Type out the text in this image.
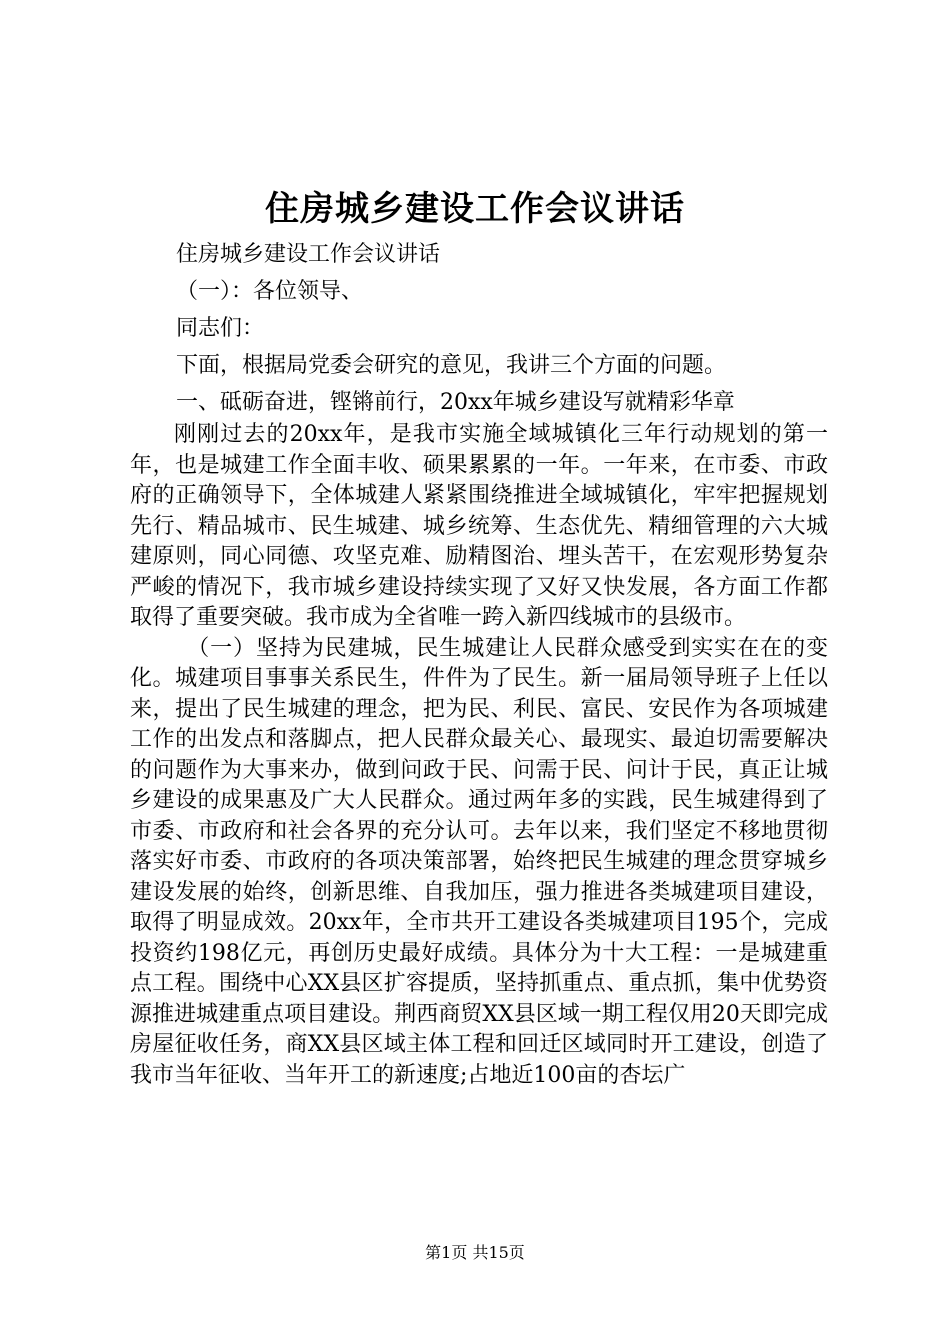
住房城乡建设工作会议讲话
住房城乡建设工作会议讲话
（一）：各位领导、
同志们：
下面，根据局党委会研究的意见，我讲三个方面的问题。
一、砥砺奋进，铿锵前行，20xx年城乡建设写就精彩华章

刚刚过去的20xx年，是我市实施全域城镇化三年行动规划的第一年，也是城建工作全面丰收、硕果累累的一年。一年来，在市委、市政府的正确领导下，全体城建人紧紧围绕推进全域城镇化，牢牢把握规划先行、精品城市、民生城建、城乡统筹、生态优先、精细管理的六大城建原则，同心同德、攻坚克难、励精图治、埋头苦干，在宏观形势复杂严峻的情况下，我市城乡建设持续实现了又好又快发展，各方面工作都取得了重要突破。我市成为全省唯一跨入新四线城市的县级市。

（一）坚持为民建城，民生城建让人民群众感受到实实在在的变化。城建项目事事关系民生，件件为了民生。新一届局领导班子上任以来，提出了民生城建的理念，把为民、利民、富民、安民作为各项城建工作的出发点和落脚点，把人民群众最关心、最现实、最迫切需要解决的问题作为大事来办，做到问政于民、问需于民、问计于民，真正让城乡建设的成果惠及广大人民群众。通过两年多的实践，民生城建得到了市委、市政府和社会各界的充分认可。去年以来，我们坚定不移地贯彻落实好市委、市政府的各项决策部署，始终把民生城建的理念贯穿城乡建设发展的始终，创新思维、自我加压，强力推进各类城建项目建设，取得了明显成效。20xx年，全市共开工建设各类城建项目195个，完成投资约198亿元，再创历史最好成绩。具体分为十大工程：一是城建重点工程。围绕中心XX县区扩容提质，坚持抓重点、重点抓，集中优势资源推进城建重点项目建设。荆西商贸XX县区域一期工程仅用20天即完成房屋征收任务，商XX县区域主体工程和回迁区域同时开工建设，创造了我市当年征收、当年开工的新速度;占地近100亩的杏坛广

第1页 共15页
